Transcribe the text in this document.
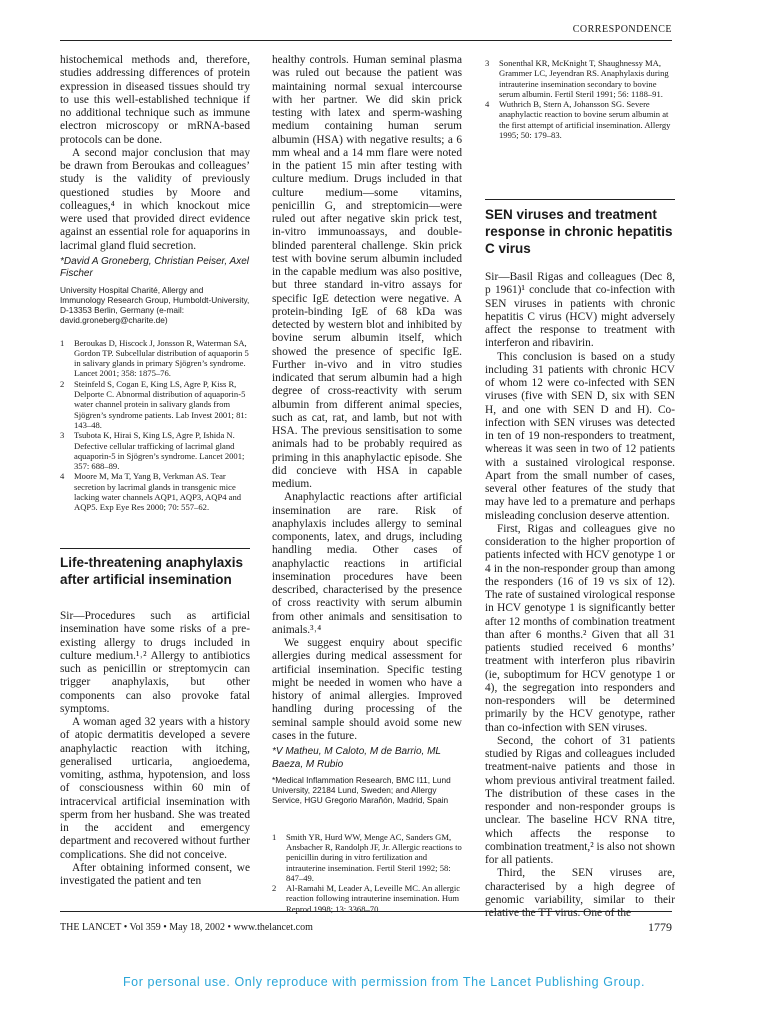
CORRESPONDENCE

histochemical methods and, therefore, studies addressing differences of protein expression in diseased tissues should try to use this well-established technique if no additional technique such as immune electron microscopy or mRNA-based protocols can be done.

A second major conclusion that may be drawn from Beroukas and colleagues’ study is the validity of previously questioned studies by Moore and colleagues,⁴ in which knockout mice were used that provided direct evidence against an essential role for aquaporins in lacrimal gland fluid secretion.

*David A Groneberg, Christian Peiser, Axel Fischer
University Hospital Charité, Allergy and Immunology Research Group, Humboldt-University, D-13353 Berlin, Germany (e-mail: david.groneberg@charite.de)
1 Beroukas D, Hiscock J, Jonsson R, Waterman SA, Gordon TP. Subcellular distribution of aquaporin 5 in salivary glands in primary Sjögren’s syndrome. Lancet 2001; 358: 1875–76.
2 Steinfeld S, Cogan E, King LS, Agre P, Kiss R, Delporte C. Abnormal distribution of aquaporin-5 water channel protein in salivary glands from Sjögren’s syndrome patients. Lab Invest 2001; 81: 143–48.
3 Tsubota K, Hirai S, King LS, Agre P, Ishida N. Defective cellular trafficking of lacrimal gland aquaporin-5 in Sjögren’s syndrome. Lancet 2001; 357: 688–89.
4 Moore M, Ma T, Yang B, Verkman AS. Tear secretion by lacrimal glands in transgenic mice lacking water channels AQP1, AQP3, AQP4 and AQP5. Exp Eye Res 2000; 70: 557–62.
Life-threatening anaphylaxis after artificial insemination

Sir—Procedures such as artificial insemination have some risks of a pre-existing allergy to drugs included in culture medium.¹˒² Allergy to antibiotics such as penicillin or streptomycin can trigger anaphylaxis, but other components can also provoke fatal symptoms.

A woman aged 32 years with a history of atopic dermatitis developed a severe anaphylactic reaction with itching, generalised urticaria, angioedema, vomiting, asthma, hypotension, and loss of consciousness within 60 min of intracervical artificial insemination with sperm from her husband. She was treated in the accident and emergency department and recovered without further complications. She did not conceive.

After obtaining informed consent, we investigated the patient and ten

healthy controls. Human seminal plasma was ruled out because the patient was maintaining normal sexual intercourse with her partner. We did skin prick testing with latex and sperm-washing medium containing human serum albumin (HSA) with negative results; a 6 mm wheal and a 14 mm flare were noted in the patient 15 min after testing with culture medium. Drugs included in that culture medium—some vitamins, penicillin G, and streptomicin—were ruled out after negative skin prick test, in-vitro immunoassays, and double-blinded parenteral challenge. Skin prick test with bovine serum albumin included in the capable medium was also positive, but three standard in-vitro assays for specific IgE detection were negative. A protein-binding IgE of 68 kDa was detected by western blot and inhibited by bovine serum albumin itself, which showed the presence of specific IgE. Further in-vivo and in vitro studies indicated that serum albumin had a high degree of cross-reactivity with serum albumin from different animal species, such as cat, rat, and lamb, but not with HSA. The previous sensitisation to some animals had to be probably required as priming in this anaphylactic episode. She did concieve with HSA in capable medium.

Anaphylactic reactions after artificial insemination are rare. Risk of anaphylaxis includes allergy to seminal components, latex, and drugs, including handling media. Other cases of anaphylactic reactions in artificial insemination procedures have been described, characterised by the presence of cross reactivity with serum albumin from other animals and sensitisation to animals.³˒⁴

We suggest enquiry about specific allergies during medical assessment for artificial insemination. Specific testing might be needed in women who have a history of animal allergies. Improved handling during processing of the seminal sample should avoid some new cases in the future.

*V Matheu, M Caloto, M de Barrio, ML Baeza, M Rubio
*Medical Inflammation Research, BMC I11, Lund University, 22184 Lund, Sweden; and Allergy Service, HGU Gregorio Marañón, Madrid, Spain
1 Smith YR, Hurd WW, Menge AC, Sanders GM, Ansbacher R, Randolph JF, Jr. Allergic reactions to penicillin during in vitro fertilization and intrauterine insemination. Fertil Steril 1992; 58: 847–49.
2 Al-Ramahi M, Leader A, Leveille MC. An allergic reaction following intrauterine insemination. Hum Reprod 1998; 13: 3368–70.
3 Sonenthal KR, McKnight T, Shaughnessy MA, Grammer LC, Jeyendran RS. Anaphylaxis during intrauterine insemination secondary to bovine serum albumin. Fertil Steril 1991; 56: 1188–91.
4 Wuthrich B, Stern A, Johansson SG. Severe anaphylactic reaction to bovine serum albumin at the first attempt of artificial insemination. Allergy 1995; 50: 179–83.
SEN viruses and treatment response in chronic hepatitis C virus

Sir—Basil Rigas and colleagues (Dec 8, p 1961)¹ conclude that co-infection with SEN viruses in patients with chronic hepatitis C virus (HCV) might adversely affect the response to treatment with interferon and ribavirin.

This conclusion is based on a study including 31 patients with chronic HCV of whom 12 were co-infected with SEN viruses (five with SEN D, six with SEN H, and one with SEN D and H). Co-infection with SEN viruses was detected in ten of 19 non-responders to treatment, whereas it was seen in two of 12 patients with a sustained virological response. Apart from the small number of cases, several other features of the study that may have led to a premature and perhaps misleading conclusion deserve attention.

First, Rigas and colleagues give no consideration to the higher proportion of patients infected with HCV genotype 1 or 4 in the non-responder group than among the responders (16 of 19 vs six of 12). The rate of sustained virological response in HCV genotype 1 is significantly better after 12 months of combination treatment than after 6 months.² Given that all 31 patients studied received 6 months’ treatment with interferon plus ribavirin (ie, suboptimum for HCV genotype 1 or 4), the segregation into responders and non-responders will be determined primarily by the HCV genotype, rather than co-infection with SEN viruses.

Second, the cohort of 31 patients studied by Rigas and colleagues included treatment-naive patients and those in whom previous antiviral treatment failed. The distribution of these cases in the responder and non-responder groups is unclear. The baseline HCV RNA titre, which affects the response to combination treatment,² is also not shown for all patients.

Third, the SEN viruses are, characterised by a high degree of genomic variability, similar to their relative the TT virus. One of the

THE LANCET • Vol 359 • May 18, 2002 • www.thelancet.com	1779
For personal use. Only reproduce with permission from The Lancet Publishing Group.
